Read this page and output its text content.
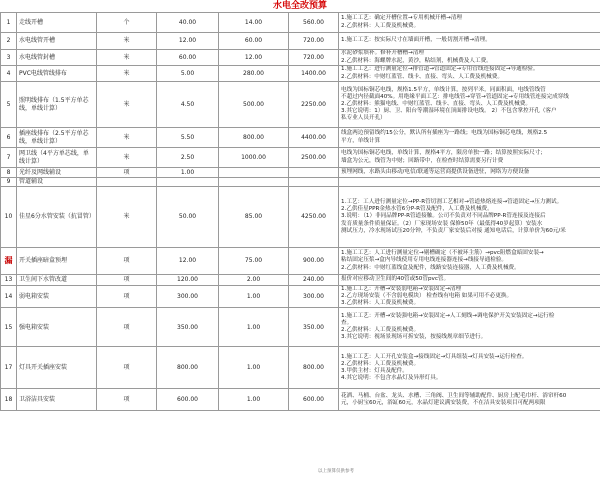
水电全改预算
1	走线开槽	个	40.00	14.00	560.00	1.施工工艺：确定开槽位置→专用机械开槽→清理
2.乙供材料：人工费及机械费。

2	水电线管开槽	米	12.00	60.00	720.00	1.施工工艺：按实际尺寸在墙面开槽，一般切割开槽→清理。

3	水电线管封槽	米	60.00	12.00	720.00	水泥砂浆填补。修补开槽槽→清理
2.乙供材料：海螺牌水泥，黄沙，粘结剂，机械费及人工费。

4	PVC电线管线排布	米	5.00	280.00	1400.00	1.施工工艺：进行测量定位→排管道→管道固定→专用管线连接固定→导通检验。
2.乙供材料：中财红蓝管、线卡、直接、弯头、人工费及机械费。

5	照明线排布（1.5平方单芯线，单线计算）	米	4.50	500.00	2250.00	电线为国标铜芯电线，规格1.5平方，单线计算，按列平米，同面积面，电线管线管
不超过内径截面40%。用绝缘平面工艺：排电线管→穿管→管道固定→专用线管连接完成穿线
2.乙供材料：熊猫电线、中财红蓝管、线卡、直接、弯头、人工费及机械费。
3.其它说明：1）厨、卫、阳台等潮湿环境在顶面排设电线。 2）不包含掌控开孔（客户
私专业人员开孔）

6	插座线排布（2.5平方单芯线，单线计算）	米	5.50	800.00	4400.00	线盒两边预留线约15公分，默认所有插座为一路线；电线为国标铜芯电线，规格2.5
平方，单线计算

7	网卫线（4平方单芯线，单线计算）	米	2.50	1000.00	2500.00	电线为国标铜芯电线，单线计算，规格4平方，限房单独一路；结算按照实际尺寸；
墙盒为公元，线管为中财；回路带中，在检查时结算需要另行计费

8	光纤及网线辅设	项	1.00			预埋网线，水路头由移动/电信/联通等运营商提供设备进驻，网络为方便设备

9	管道辅设					
10	佳星6分水管安装（抗冒管）	米	50.00	85.00	4250.00	1.工艺：工人进行测量定位→PP-R管切割工艺相对→管道热熔连接→管道固定→压力测试。
2.乙供佳星PPR金热水管6分P-R管及配件，人工费及机械费。
3.说明：（1）非同品牌PP-R管道接触。公司不负责对不同品牌PP-R管连接及连接后
发育质量条件质量保证。（2）厂家现场安装 保修50年（最低得40岁起算）安装水
测试压力，冷水现场试压20分钟，不负责厂家安装后对接 通知电话后，计算单价为60元/米

漏	开关插座暗盒预埋	项	12.00	75.00	900.00	1.施工工艺：人工进行测量定位→剔槽确定（不被环主筋）→pvc阻燃盒暗固安装→
粘结固定压浆→盒内导线使用专用电线连接器连接→线接导通检验。
2.乙供材料：中财红蓝线盒及配件，线路安装连接器，人工费及机械费。

13	卫生间下水管改道	项	120.00	2.00	240.00	报价对应移动卫生间的40管或50管pvc管。

14	弱电箱安装	项	300.00	1.00	300.00	1.施工工艺：开槽→安装弱电箱→安装固定→清理
2.乙方现场安装（不含弱电模块） 检查线有电箱 如果可用不必更换。
3.乙供材料：人工费及机械费。

15	强电箱安装	项	350.00	1.00	350.00	1.施工工艺：开槽→安装强电箱→安装固定→人工刻线→调电保护开关安装固定→运行检
查。
2.乙供材料：人工费及机械费。
3.其它说明：视场景现场可拆安装，按接线规章细节进行。

17	灯具开关插座安装	项	800.00	1.00	800.00	1.施工工艺：人工开孔安装盒→接线固定→灯具组装→灯具安装→运行检查。
2.乙供材料：人工费及机械费。
3.甲供主材：灯具及配件。
4.其它说明：不包含水晶灯及异形灯具。

18	卫浴洁具安装	项	600.00	1.00	600.00	花洒、马桶、台盆、龙头、水槽、三角阀、卫生间等辅助配件、厨房上配毛巾杆、浴帘杆60
元，小厨宝60元，浴缸60元，水晶灯建议满安装费，不在洁具安装项目可配两项限
以上预算仅供参考
